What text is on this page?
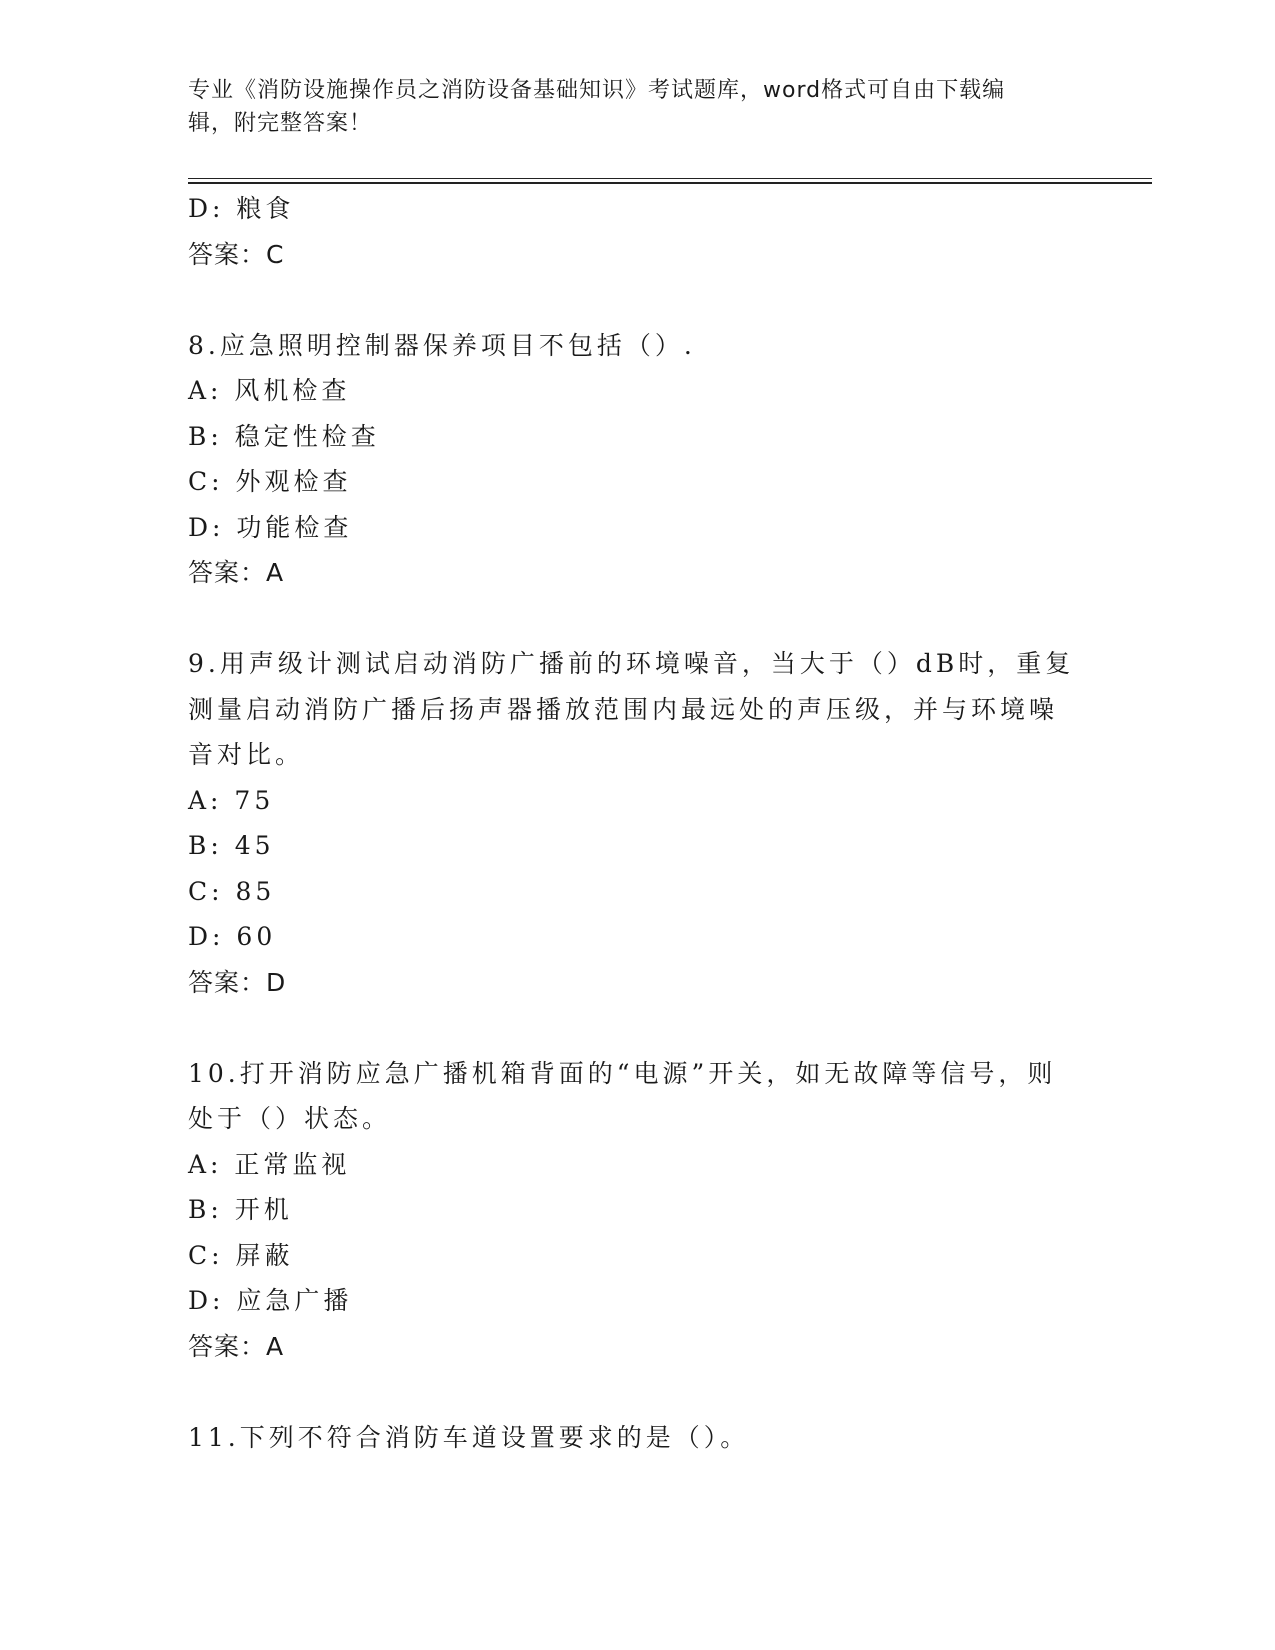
专业《消防设施操作员之消防设备基础知识》考试题库，word格式可自由下载编
辑，附完整答案！
D: 粮食
答案：C
8.应急照明控制器保养项目不包括（）.
A: 风机检查
B: 稳定性检查
C: 外观检查
D: 功能检查
答案：A
9.用声级计测试启动消防广播前的环境噪音，当大于（）dB时，重复
测量启动消防广播后扬声器播放范围内最远处的声压级，并与环境噪
音对比。
A: 75
B: 45
C: 85
D: 60
答案：D
10.打开消防应急广播机箱背面的“电源”开关，如无故障等信号，则
处于（）状态。
A: 正常监视
B: 开机
C: 屏蔽
D: 应急广播
答案：A
11.下列不符合消防车道设置要求的是（）。
